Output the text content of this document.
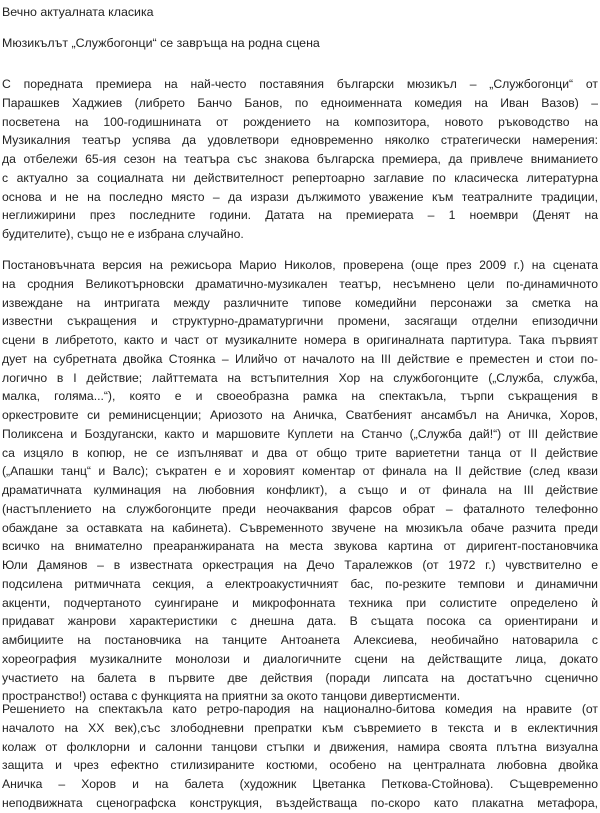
Вечно актуалната класика
Мюзикълът „Службогонци“ се завръща на родна сцена
С поредната премиера на най-често поставяния български мюзикъл – „Службогонци“ от
Парашкев Хаджиев (либрето Банчо Банов, по едноименната комедия на Иван Вазов) –
посветена на 100-годишнината от рождението на композитора, новото ръководство на
Музикалния театър успява да удовлетвори едновременно няколко стратегически намерения:
да отбележи 65-ия сезон на театъра със знакова българска премиера, да привлече вниманието
с актуално за социалната ни действителност репертоарно заглавие по класическа литературна
основа и не на последно място – да изрази дължимото уважение към театралните традиции,
неглижирини през последните години. Датата на премиерата – 1 ноември (Денят на
будителите), също не е избрана случайно.
Постановъчната версия на режисьора Марио Николов, проверена (още през 2009 г.) на сцената
на сродния Великотърновски драматично-музикален театър, несъмнено цели по-динамичното
извеждане на интригата между различните типове комедийни персонажи за сметка на
известни съкращения и структурно-драматургични промени, засягащи отделни епизодични
сцени в либретото, както и част от музикалните номера в оригиналната партитура. Така първият
дует на субретната двойка Стоянка – Илийчо от началото на III действие е преместен и стои по-
логично в I действие; лайттемата на встъпителния Хор на службогонците („Служба, служба,
малка, голяма...“), която е и своеобразна рамка на спектакъла, търпи съкращения в
оркестровите си реминисценции; Ариозото на Аничка, Сватбеният ансамбъл на Аничка, Хоров,
Поликсена и Боздугански, както и маршовите Куплети на Станчо („Служба дай!“) от III действие
са изцяло в копюр, не се изпълняват и два от общо трите вариететни танца от II действие
(„Апашки танц“ и Валс); съкратен е и хоровият коментар от финала на II действие (след квази
драматичната кулминация на любовния конфликт), а също и от финала на III действие
(настъплението на службогонците преди неочаквания фарсов обрат – фаталното телефонно
обаждане за оставката на кабинета). Съвременното звучене на мюзикъла обаче разчита преди
всичко на внимателно преаранжираната на места звукова картина от диригент-постановчика
Юли Дамянов – в известната оркестрация на Дечо Тaралежков (от 1972 г.) чувствително е
подсилена ритмичната секция, а електроакустичният бас, по-резките темпови и динамични
акценти, подчертаното суингиране и микрофонната техника при солистите определено ѝ
придават жанрови характеристики с днешна дата. В същата посока са ориентирани и
амбициите на постановчика на танците Антоанета Алексиева, необичайно натоварила с
хореография музикалните монолози и диалогичните сцени на действащите лица, докато
участието на балета в първите две действия (поради липсата на достатъчно сценично
пространство!) остава с функцията на приятни за окото танцови дивертисменти.
Решението на спектакъла като ретро-пародия на национално-битова комедия на нравите (от
началото на XX век),със злободневни препратки към съвремието в текста и в еклектичния
колаж от фолклорни и салонни танцови стъпки и движения, намира своята плътна визуална
защита и чрез ефектно стилизираните костюми, особено на централната любовна двойка
Аничка – Хоров и на балета (художник Цветанка Петкова-Стойнова). Същевременно
неподвижната сценографска конструкция, въздействаща по-скоро като плакатна метафора,
